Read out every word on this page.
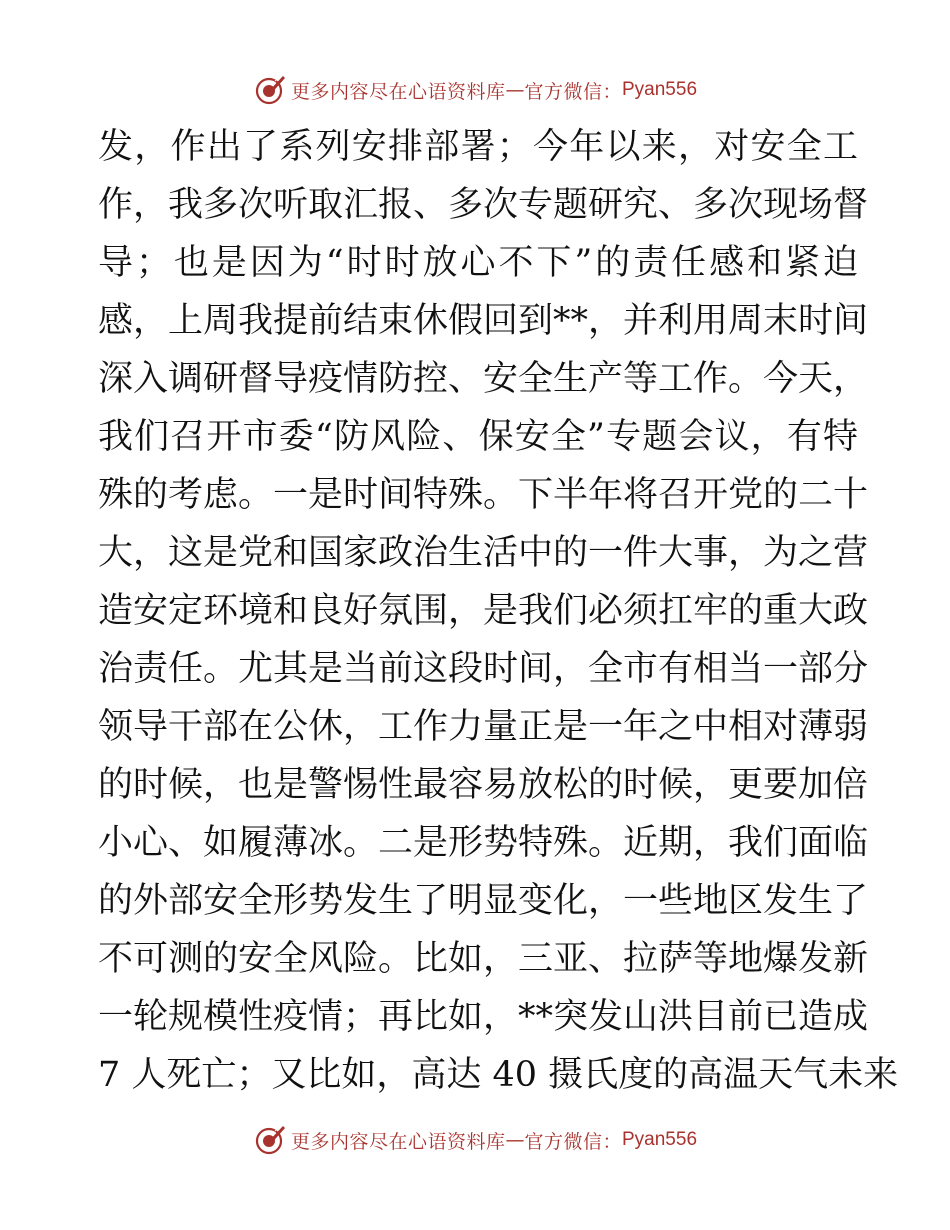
更多内容尽在心语资料库 — 官方微信： Pyan556
发，作出了系列安排部署；今年以来，对安全工
作，我多次听取汇报、多次专题研究、多次现场督
导；也是因为“时时放心不下”的责任感和紧迫
感，上周我提前结束休假回到**，并利用周末时间
深入调研督导疫情防控、安全生产等工作。今天，
我们召开市委“防风险、保安全”专题会议，有特
殊的考虑。一是时间特殊。下半年将召开党的二十
大，这是党和国家政治生活中的一件大事，为之营
造安定环境和良好氛围，是我们必须扛牢的重大政
治责任。尤其是当前这段时间，全市有相当一部分
领导干部在公休，工作力量正是一年之中相对薄弱
的时候，也是警惕性最容易放松的时候，更要加倍
小心、如履薄冰。二是形势特殊。近期，我们面临
的外部安全形势发生了明显变化，一些地区发生了
不可测的安全风险。比如，三亚、拉萨等地爆发新
一轮规模性疫情；再比如，**突发山洪目前已造成
7 人死亡；又比如，高达 40 摄氏度的高温天气未来
更多内容尽在心语资料库 — 官方微信： Pyan556
